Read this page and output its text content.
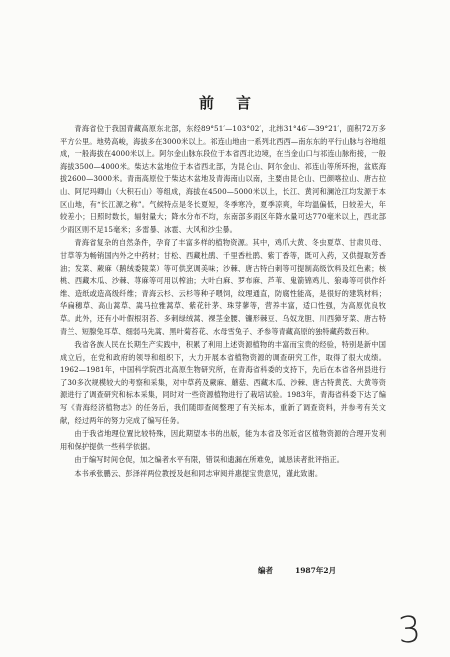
前言

青海省位于我国青藏高原东北部，东经89°51′—103°02′，北纬31°46′—39°21′，面积72万多平方公里。地势高峻，海拔多在3000米以上。祁连山地由一系列北西西—南东东的平行山脉与谷地组成，一般海拔在4000米以上。阿尔金山脉东段位于本省西北边境，在当金山口与祁连山脉衔接，一般海拔3500—4000米。柴达木盆地位于本省西北部，为昆仑山、阿尔金山、祁连山等所环抱，盆底海拔2600—3000米。青南高原位于柴达木盆地及青海南山以南，主要由昆仑山、巴颜喀拉山、唐古拉山、阿尼玛卿山（大积石山）等组成，海拔在4500—5000米以上，长江、黄河和澜沧江均发源于本区山地，有“长江源之称”。气候特点是冬长夏短，冬季寒冷，夏季凉爽，年均温偏低，日较差大，年较差小；日照时数长，辐射量大；降水分布不均，东南部多雨区年降水量可达770毫米以上，西北部少雨区则不足15毫米；多雷暴、冰雹、大风和沙尘暴。

青海省复杂的自然条件，孕育了丰富多样的植物资源。其中，鸡爪大黄、冬虫夏草、甘肃贝母、甘草等为畅销国内外之中药材；甘松、西藏杜鹃、千里香杜鹃、紫丁香等，既可入药，又供提取芳香油；发菜、蕨麻（鹅绒委陵菜）等可供烹调美味；沙棘、唐古特白刺等可提制高级饮料及红色素；核桃、西藏木瓜、沙棘、荨麻等可用以榨油；大叶白麻、罗布麻、芦苇、鬼箭锦鸡儿、狼毒等可供作纤维、造纸或造高级纤维；青海云杉、云杉等种子喂饲，纹理通直，防腐性能高，是很好的建筑材料；华扁穗草、高山蒿草、嵩马拉雅蒿草、紫花针茅、珠芽蓼等，营养丰富，适口性强，为高原优良牧草。此外，还有小叶假根羽苔、多刺绿绒蒿、裸茎金腰、镰形棘豆、乌奴龙胆、川西獐牙菜、唐古特青兰、短腺兔耳草、细弱马先蒿、黑叶菊苔花、水母雪兔子、矛参等青藏高原的独特藏药数百种。

我省各族人民在长期生产实践中，积累了利用上述资源植物的丰富而宝贵的经验，特别是新中国成立后，在党和政府的领导和组织下，大力开展本省植物资源的调查研究工作，取得了很大成绩。1962—1981年，中国科学院西北高原生物研究所，在青海省科委的支持下，先后在本省各州县进行了30多次规模较大的考察和采集，对中草药及蕨麻、蘑菇、西藏木瓜、沙棘、唐古特黄芪、大黄等资源进行了调查研究和标本采集，同时对一些资源植物进行了栽培试验。1983年，青海省科委下达了编写《青海经济植物志》的任务后，我们随即查阅整理了有关标本，重新了调查资料，并参考有关文献，经过两年的努力完成了编写任务。

由于我省地理位置比较特殊，因此期望本书的出版，能为本省及邻近省区植物资源的合理开发利用和保护提供一些科学依据。

由于编写时间仓促，加之编者水平有限，错误和遗漏在所难免，诚恳读者批评指正。

本书承张鹏云、彭泽祥两位教授及赵和同志审阅并惠提宝贵意见，谨此致谢。

编者	1987年2月
3
